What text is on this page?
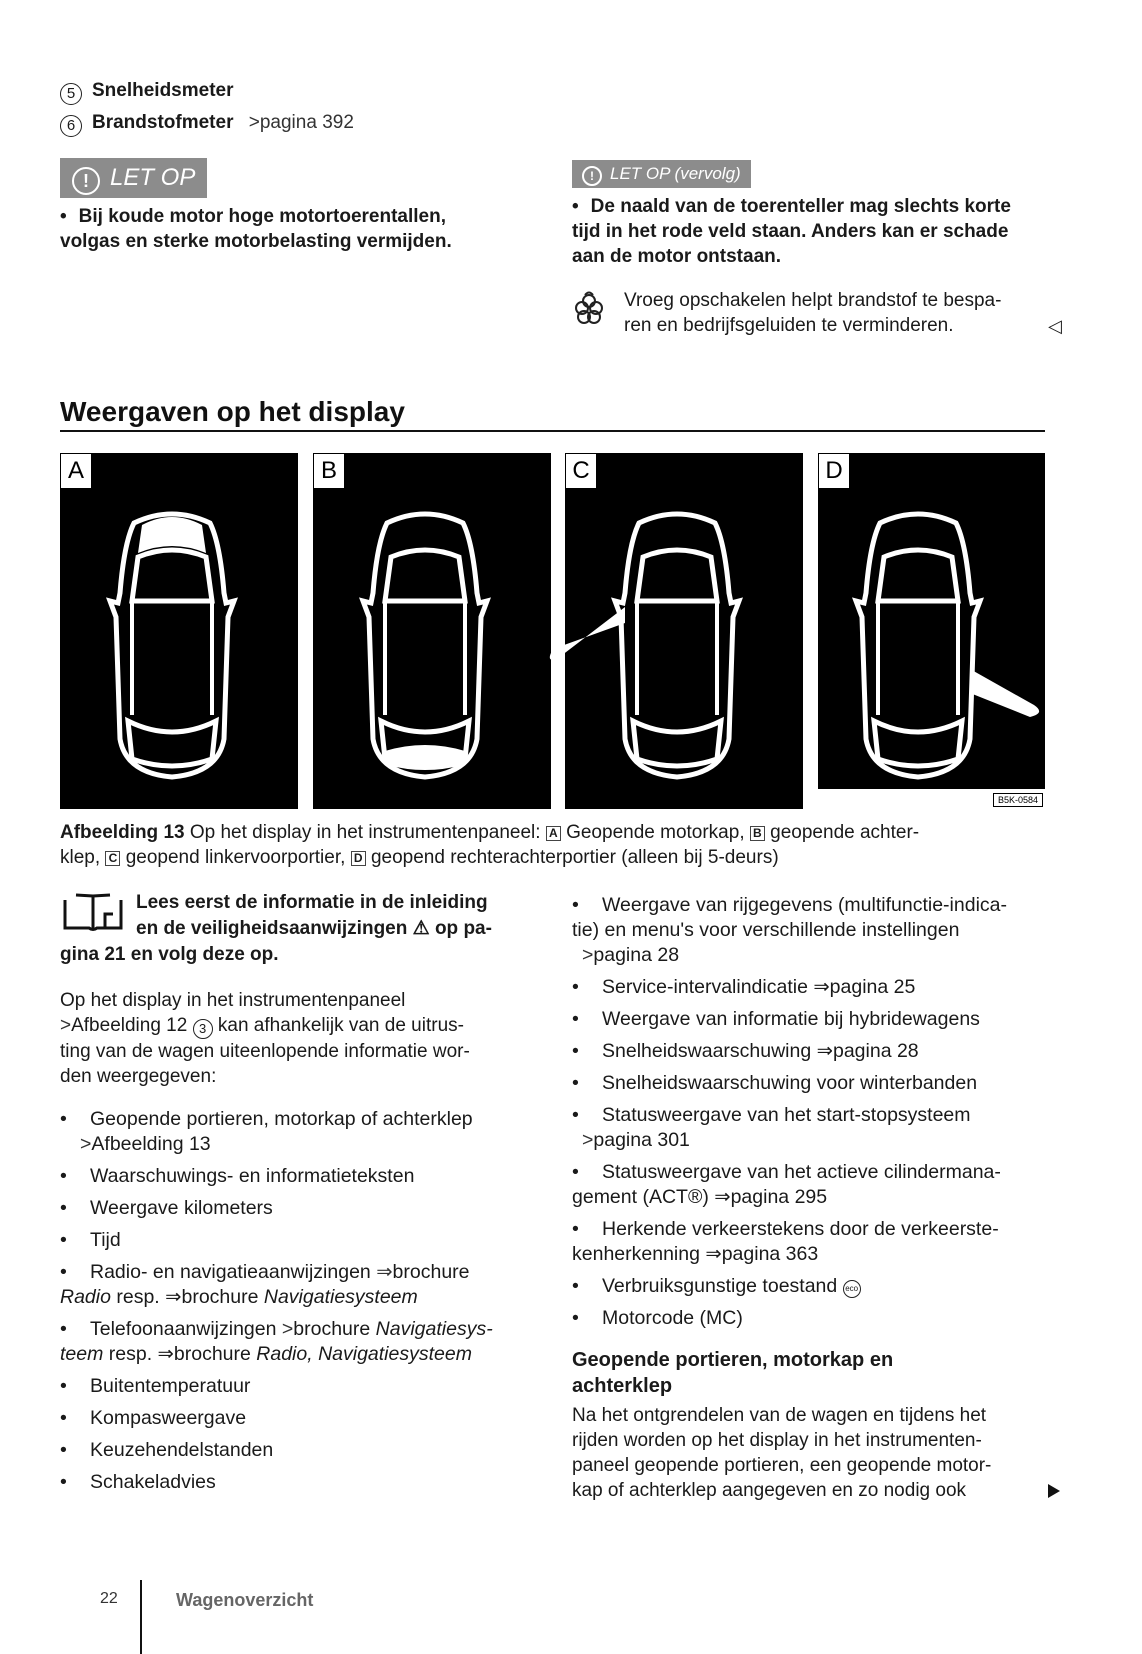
5 Snelheidsmeter
6 Brandstofmeter >pagina 392
! LET OP
• Bij koude motor hoge motortoerentallen, volgas en sterke motorbelasting vermijden.
! LET OP (vervolg)
• De naald van de toerenteller mag slechts korte tijd in het rode veld staan. Anders kan er schade aan de motor ontstaan.
Vroeg opschakelen helpt brandstof te bespa-
ren en bedrijfsgeluiden te verminderen.	◁
Weergaven op het display
A	B	C	D
B5K-0584
Afbeelding 13 Op het display in het instrumentenpaneel: A Geopende motorkap, B geopende achter-
klep, C geopend linkervoorportier, D geopend rechterachterportier (alleen bij 5-deurs)
Lees eerst de informatie in de inleiding
en de veiligheidsaanwijzingen ⚠ op pa-
gina 21 en volg deze op.
Op het display in het instrumentenpaneel
>Afbeelding 12 3 kan afhankelijk van de uitrus-
ting van de wagen uiteenlopende informatie wor-
den weergegeven:
• Geopende portieren, motorkap of achterklep
>Afbeelding 13
• Waarschuwings- en informatieteksten
• Weergave kilometers
• Tijd
• Radio- en navigatieaanwijzingen ⇒brochure
Radio resp. ⇒brochure Navigatiesysteem
• Telefoonaanwijzingen >brochure Navigatiesys-
teem resp. ⇒brochure Radio, Navigatiesysteem
• Buitentemperatuur
• Kompasweergave
• Keuzehendelstanden
• Schakeladvies
• Weergave van rijgegevens (multifunctie-indica-
tie) en menu's voor verschillende instellingen
>pagina 28
• Service-intervalindicatie ⇒pagina 25
• Weergave van informatie bij hybridewagens
• Snelheidswaarschuwing ⇒pagina 28
• Snelheidswaarschuwing voor winterbanden
• Statusweergave van het start-stopsysteem
>pagina 301
• Statusweergave van het actieve cilindermana-
gement (ACT®) ⇒pagina 295
• Herkende verkeerstekens door de verkeerste-
kenherkenning ⇒pagina 363
• Verbruiksgunstige toestand eco
• Motorcode (MC)
Geopende portieren, motorkap en
achterklep
Na het ontgrendelen van de wagen en tijdens het
rijden worden op het display in het instrumenten-
paneel geopende portieren, een geopende motor-
kap of achterklep aangegeven en zo nodig ook
22	Wagenoverzicht
